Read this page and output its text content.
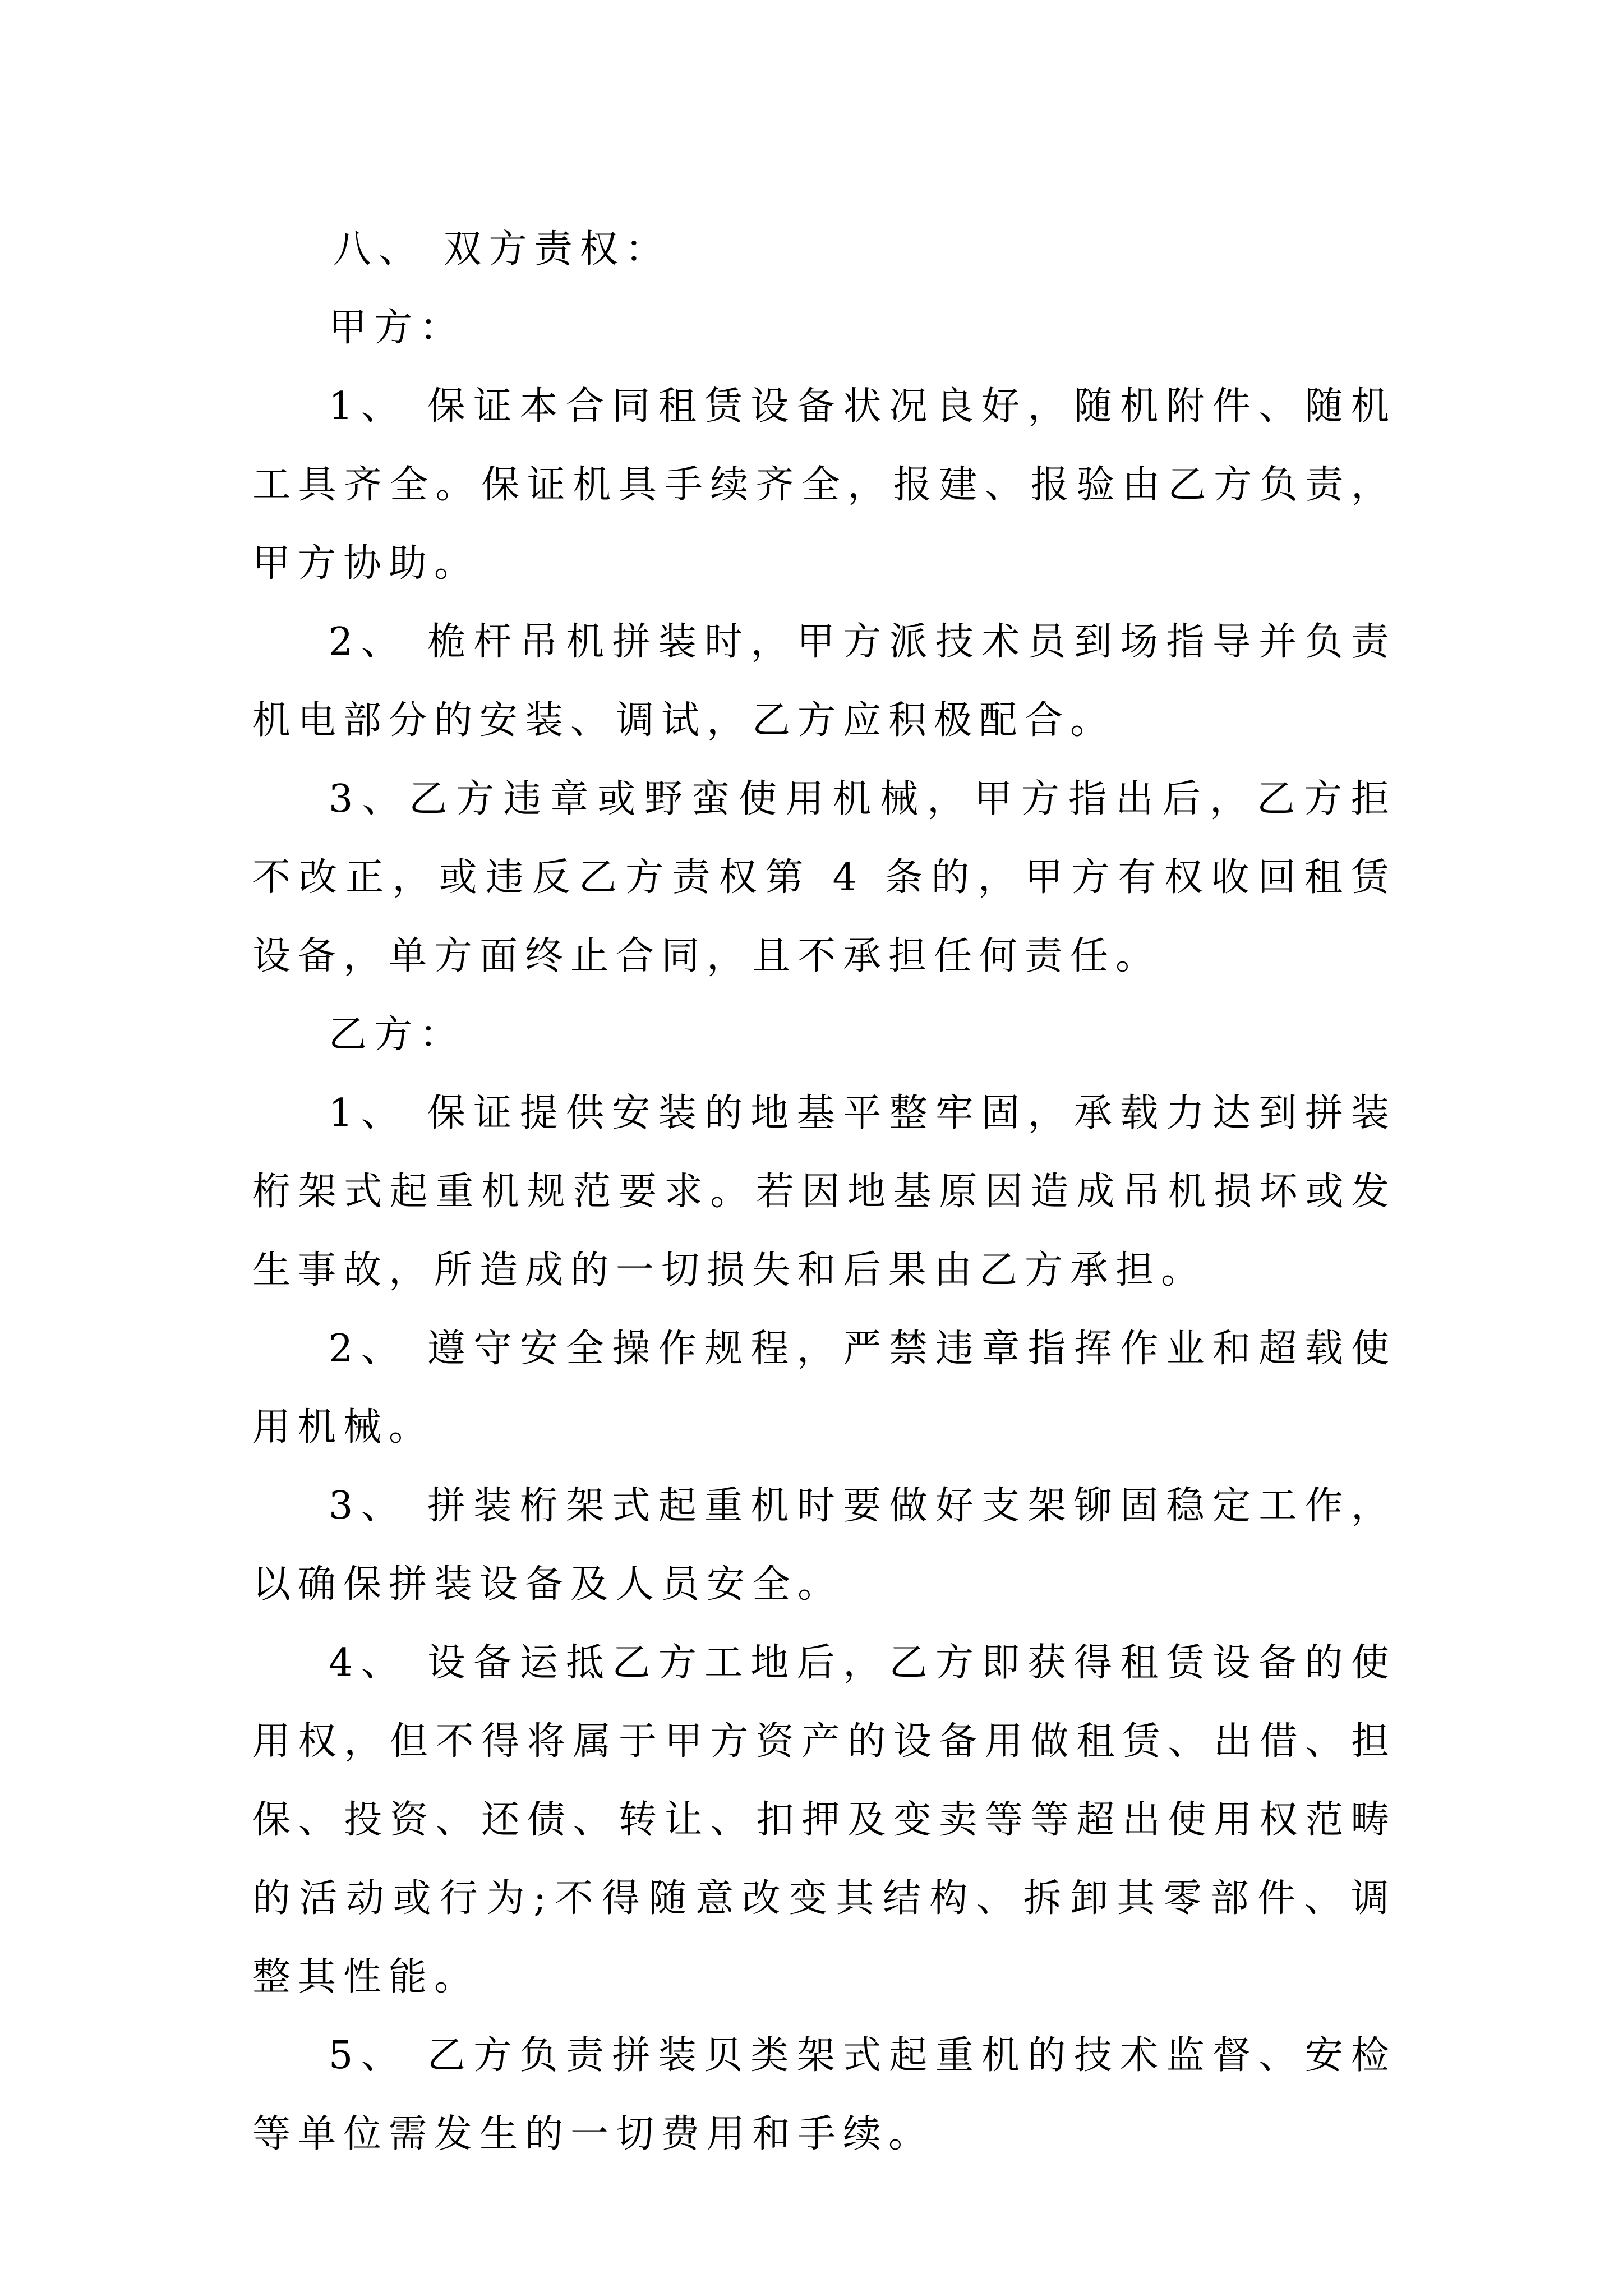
八、 双方责权：

甲方：

1、 保证本合同租赁设备状况良好，随机附件、随机工具齐全。保证机具手续齐全，报建、报验由乙方负责，甲方协助。

2、 桅杆吊机拼装时，甲方派技术员到场指导并负责机电部分的安装、调试，乙方应积极配合。

3、乙方违章或野蛮使用机械，甲方指出后，乙方拒不改正，或违反乙方责权第 4 条的，甲方有权收回租赁设备，单方面终止合同，且不承担任何责任。

乙方：

1、 保证提供安装的地基平整牢固，承载力达到拼装桁架式起重机规范要求。若因地基原因造成吊机损坏或发生事故，所造成的一切损失和后果由乙方承担。

2、 遵守安全操作规程，严禁违章指挥作业和超载使用机械。

3、 拼装桁架式起重机时要做好支架铆固稳定工作，以确保拼装设备及人员安全。

4、 设备运抵乙方工地后，乙方即获得租赁设备的使用权，但不得将属于甲方资产的设备用做租赁、出借、担保、投资、还债、转让、扣押及变卖等等超出使用权范畴的活动或行为;不得随意改变其结构、拆卸其零部件、调整其性能。

5、 乙方负责拼装贝类架式起重机的技术监督、安检等单位需发生的一切费用和手续。
